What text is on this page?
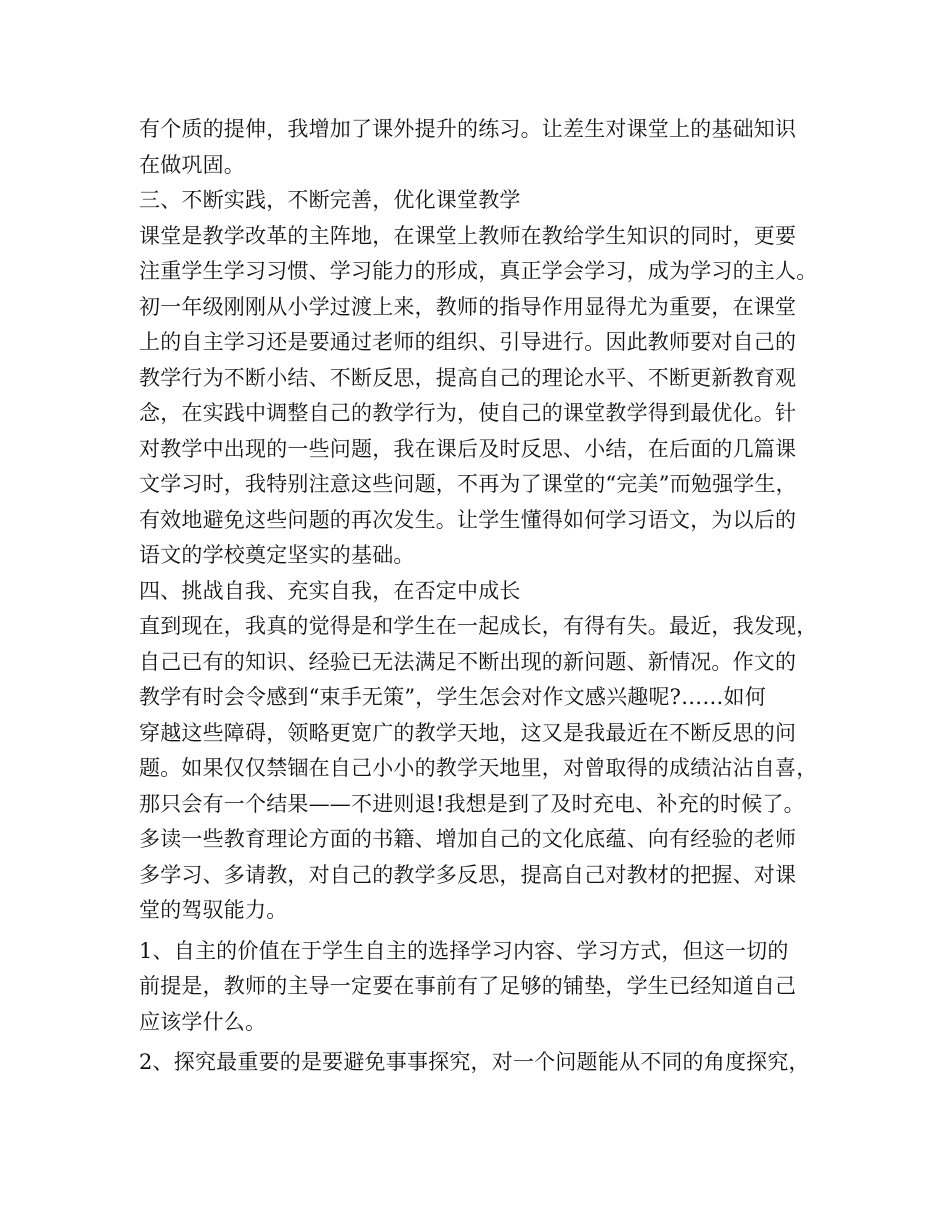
有个质的提伸，我增加了课外提升的练习。让差生对课堂上的基础知识
在做巩固。
三、不断实践，不断完善，优化课堂教学
课堂是教学改革的主阵地，在课堂上教师在教给学生知识的同时，更要
注重学生学习习惯、学习能力的形成，真正学会学习，成为学习的主人。
初一年级刚刚从小学过渡上来，教师的指导作用显得尤为重要，在课堂
上的自主学习还是要通过老师的组织、引导进行。因此教师要对自己的
教学行为不断小结、不断反思，提高自己的理论水平、不断更新教育观
念，在实践中调整自己的教学行为，使自己的课堂教学得到最优化。针
对教学中出现的一些问题，我在课后及时反思、小结，在后面的几篇课
文学习时，我特别注意这些问题，不再为了课堂的“完美”而勉强学生，
有效地避免这些问题的再次发生。让学生懂得如何学习语文，为以后的
语文的学校奠定坚实的基础。
四、挑战自我、充实自我，在否定中成长
直到现在，我真的觉得是和学生在一起成长，有得有失。最近，我发现，
自己已有的知识、经验已无法满足不断出现的新问题、新情况。作文的
教学有时会令感到“束手无策”，学生怎会对作文感兴趣呢?……如何
穿越这些障碍，领略更宽广的教学天地，这又是我最近在不断反思的问
题。如果仅仅禁锢在自己小小的教学天地里，对曾取得的成绩沾沾自喜，
那只会有一个结果——不进则退!我想是到了及时充电、补充的时候了。
多读一些教育理论方面的书籍、增加自己的文化底蕴、向有经验的老师
多学习、多请教，对自己的教学多反思，提高自己对教材的把握、对课
堂的驾驭能力。
1、自主的价值在于学生自主的选择学习内容、学习方式，但这一切的
前提是，教师的主导一定要在事前有了足够的铺垫，学生已经知道自己
应该学什么。
2、探究最重要的是要避免事事探究，对一个问题能从不同的角度探究，
